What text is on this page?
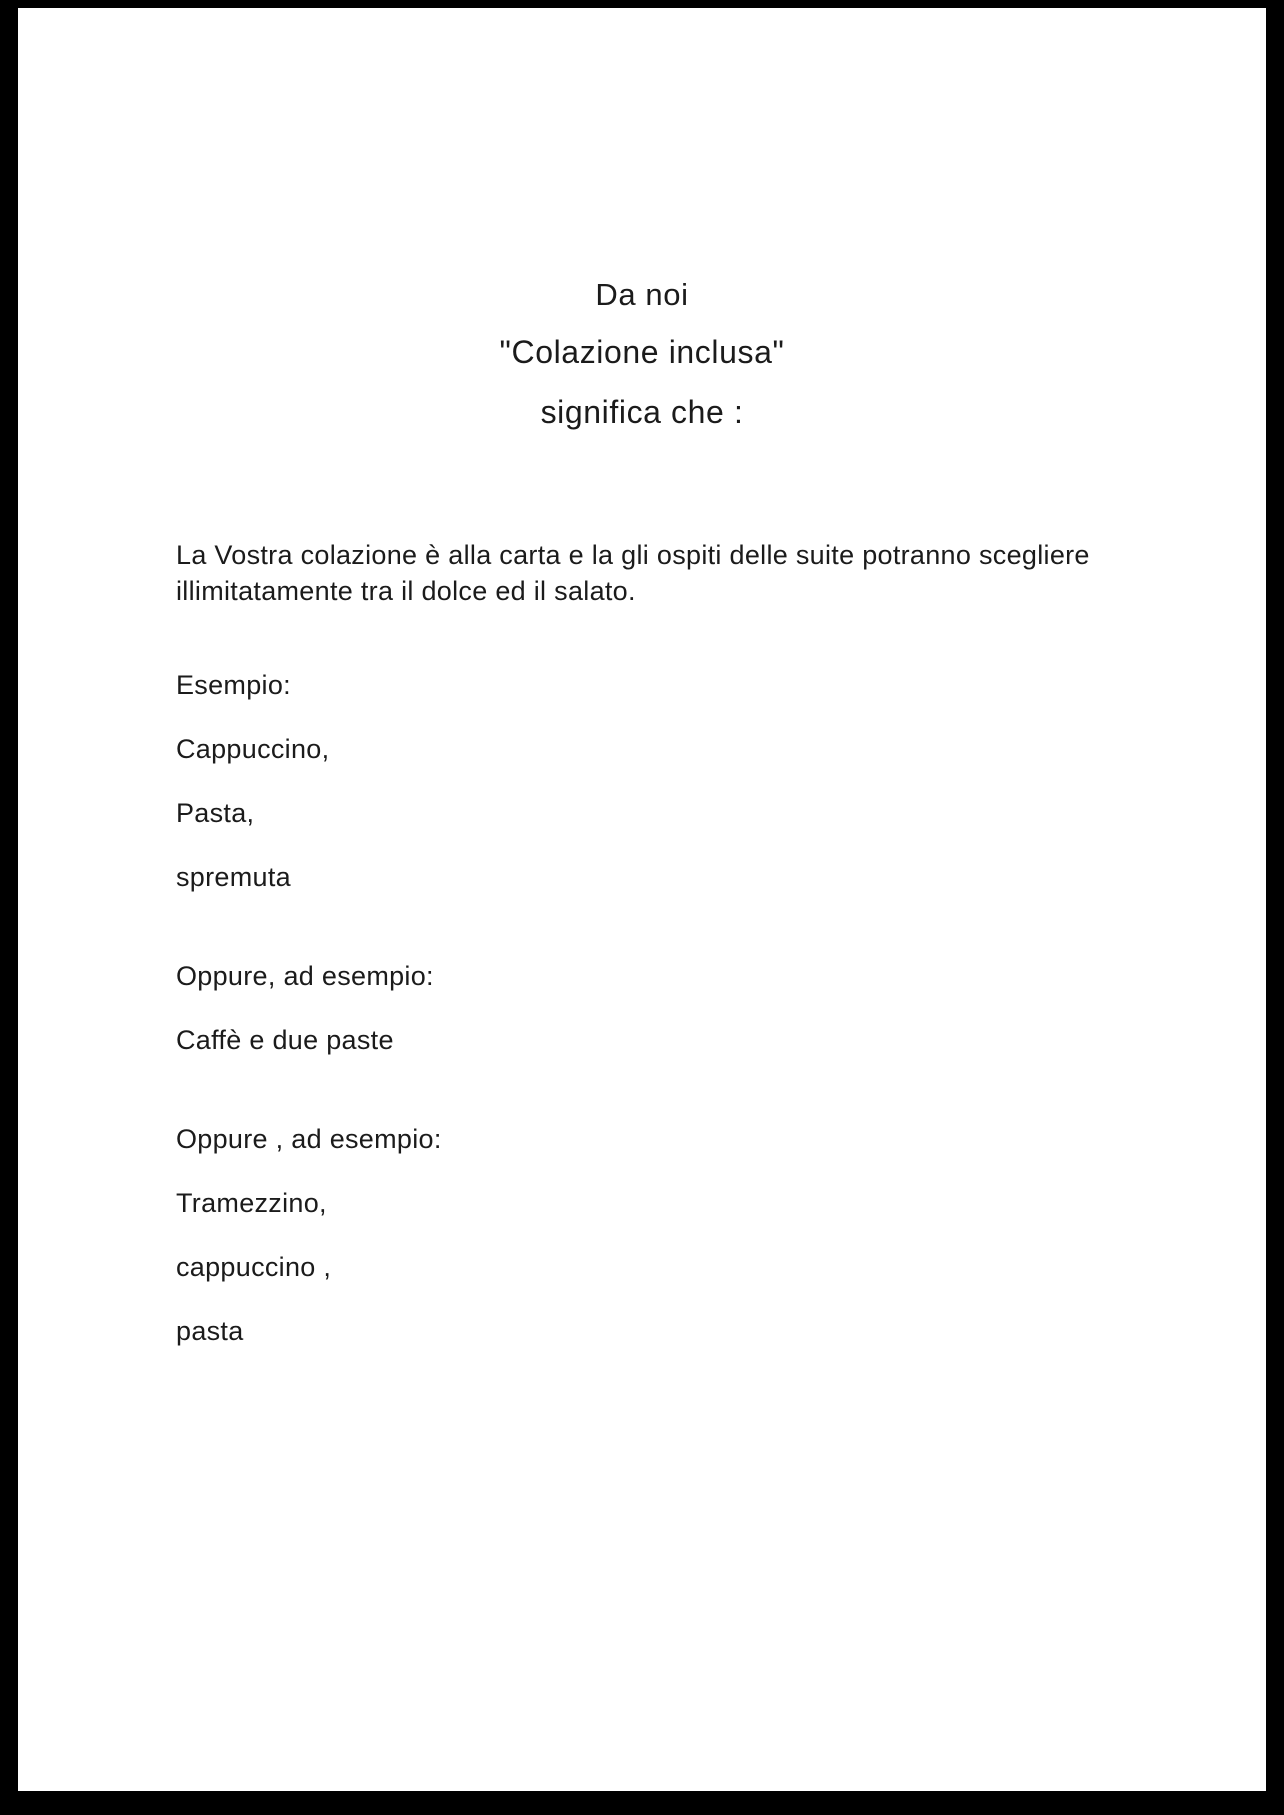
Da noi
"Colazione inclusa"
significa che :

La Vostra colazione è alla carta e la gli ospiti delle suite potranno scegliere illimitatamente tra il dolce ed il salato.

Esempio:
Cappuccino,
Pasta,
spremuta
Oppure, ad esempio:
Caffè e due paste
Oppure , ad esempio:
Tramezzino,
cappuccino ,
pasta
